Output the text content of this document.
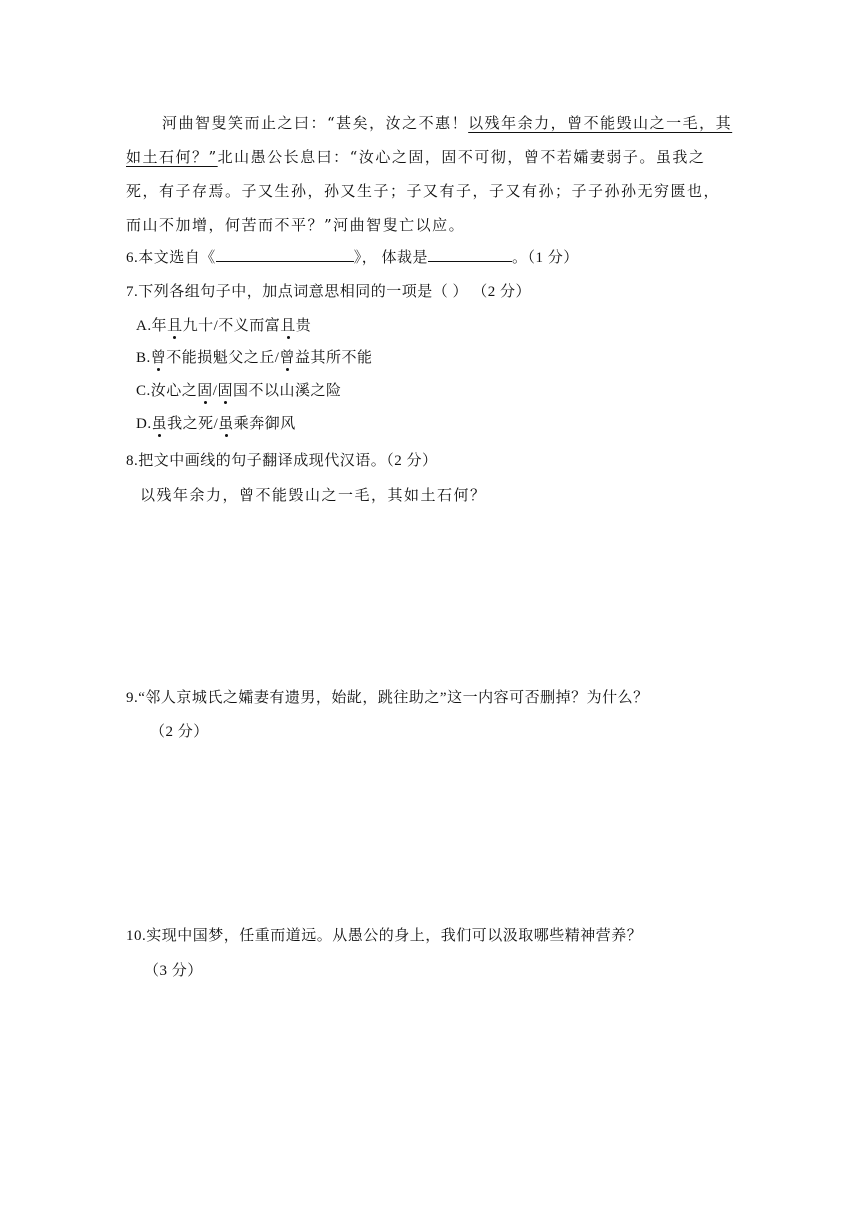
河曲智叟笑而止之曰：“甚矣，汝之不惠！以残年余力，曾不能毁山之一毛，其如土石何？”北山愚公长息曰：“汝心之固，固不可彻，曾不若孀妻弱子。虽我之死，有子存焉。子又生孙，孙又生子；子又有子，子又有孙；子子孙孙无穷匮也，而山不加增，何苦而不平？”河曲智叟亡以应。

6.本文选自《	》， 体裁是	。（1 分）
7.下列各组句子中，加点词意思相同的一项是（ ） （2 分）
A.年且九十/不义而富且贵
B.曾不能损魁父之丘/曾益其所不能
C.汝心之固/固国不以山溪之险
D.虽我之死/虽乘奔御风
8.把文中画线的句子翻译成现代汉语。（2 分）
以残年余力，曾不能毁山之一毛，其如土石何？
9.“邻人京城氏之孀妻有遗男，始龀，跳往助之”这一内容可否删掉？为什么？
（2 分）
10.实现中国梦，任重而道远。从愚公的身上，我们可以汲取哪些精神营养？
（3 分）
